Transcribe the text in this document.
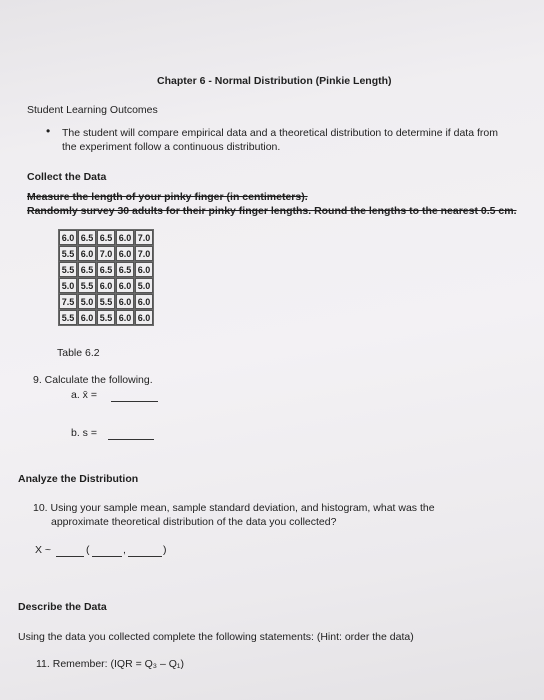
Chapter 6 - Normal Distribution (Pinkie Length)
Student Learning Outcomes
• The student will compare empirical data and a theoretical distribution to determine if data from
the experiment follow a continuous distribution.
Collect the Data
Measure the length of your pinky finger (in centimeters).
Randomly survey 30 adults for their pinky finger lengths. Round the lengths to the nearest 0.5 cm.
6.0	6.5	6.5	6.0	7.0
5.5	6.0	7.0	6.0	7.0
5.5	6.5	6.5	6.5	6.0
5.0	5.5	6.0	6.0	5.0
7.5	5.0	5.5	6.0	6.0
5.5	6.0	5.5	6.0	6.0
Table 6.2
9. Calculate the following.
a. x̄ =
b. s =
Analyze the Distribution
10. Using your sample mean, sample standard deviation, and histogram, what was the
approximate theoretical distribution of the data you collected?
X ~	(	,	)
Describe the Data
Using the data you collected complete the following statements: (Hint: order the data)
11. Remember: (IQR = Q₃ – Q₁)
